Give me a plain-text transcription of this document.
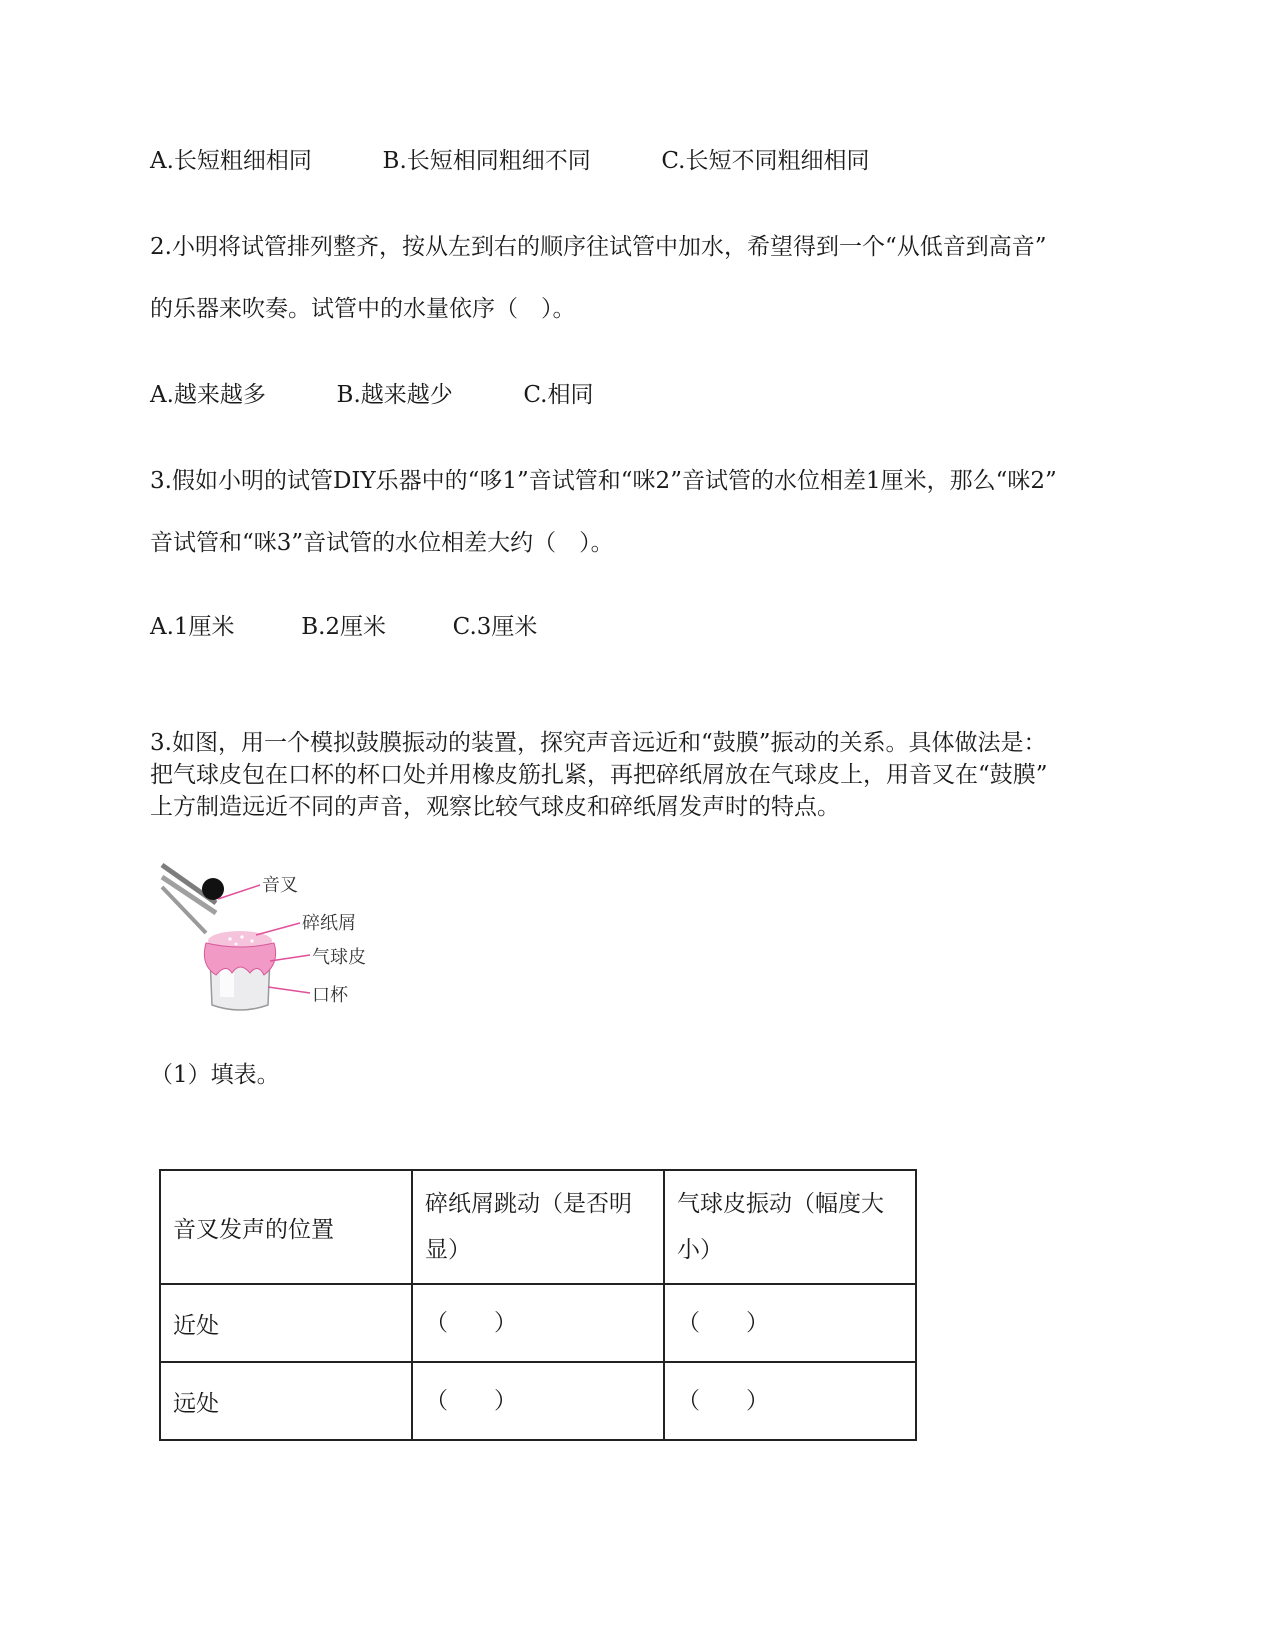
A.长短粗细相同	B.长短相同粗细不同	C.长短不同粗细相同
2.小明将试管排列整齐，按从左到右的顺序往试管中加水，希望得到一个“从低音到高音”
的乐器来吹奏。试管中的水量依序（　）。
A.越来越多	B.越来越少	C.相同
3.假如小明的试管DIY乐器中的“哆1”音试管和“咪2”音试管的水位相差1厘米，那么“咪2”
音试管和“咪3”音试管的水位相差大约（　）。
A.1厘米	B.2厘米	C.3厘米
3.如图，用一个模拟鼓膜振动的装置，探究声音远近和“鼓膜”振动的关系。具体做法是：
把气球皮包在口杯的杯口处并用橡皮筋扎紧，再把碎纸屑放在气球皮上，用音叉在“鼓膜”
上方制造远近不同的声音，观察比较气球皮和碎纸屑发声时的特点。
音叉
碎纸屑
气球皮
口杯
（1）填表。
音叉发声的位置	碎纸屑跳动（是否明显）	气球皮振动（幅度大小）
近处	（　　）	（　　）
远处	（　　）	（　　）
